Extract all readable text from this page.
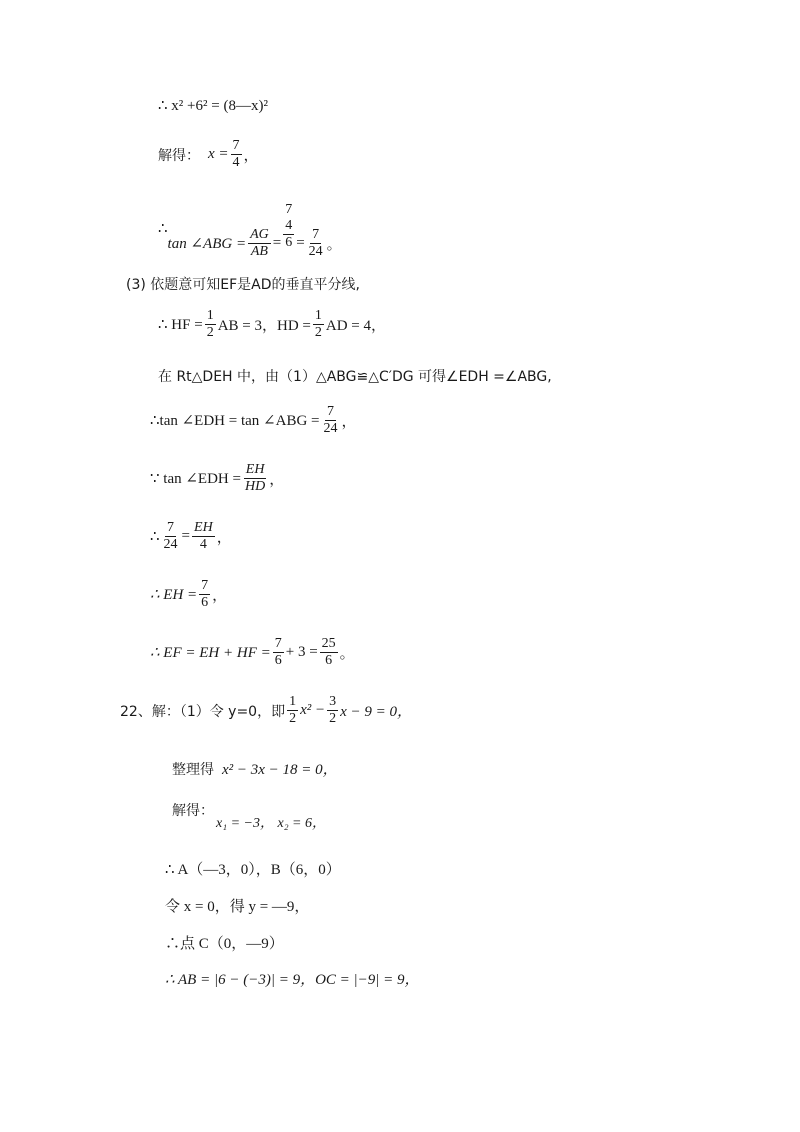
∴ x² +6² = (8—x)²
解得： $x = \frac{7}{4}$ ，
∴
tan ∠ABG = $\frac{AG}{AB}$ =
7
4
$6 = \frac{7}{24}$ 。
(3) 依题意可知EF是AD的垂直平分线,
∴ HF = $\frac{1}{2}$ AB = 3，HD = $\frac{1}{2}$ AD = 4，
在 Rt△DEH 中，由（1）△ABG≌△C′DG 可得∠EDH =∠ABG,
∴tan ∠EDH = tan ∠ABG = $\frac{7}{24}$ ，
∵ tan ∠EDH = $\frac{EH}{HD}$ ，
∴ $\frac{7}{24} = \frac{EH}{4}$ ，
∴ EH = $\frac{7}{6}$ ，
∴ EF = EH + HF = $\frac{7}{6} + 3 = \frac{25}{6}$ 。
22、解：（1）令 y=0，即 $\frac{1}{2} x^2 - \frac{3}{2}$ x − 9 = 0，
整理得 x² − 3x − 18 = 0，
解得：
x₁ = −3， x₂ = 6，
∴ A（—3，0），B（6，0）
令 x = 0，得 y = —9，
∴点 C（0，—9）
∴ AB = |6 − (−3)| = 9，OC = |−9| = 9，
